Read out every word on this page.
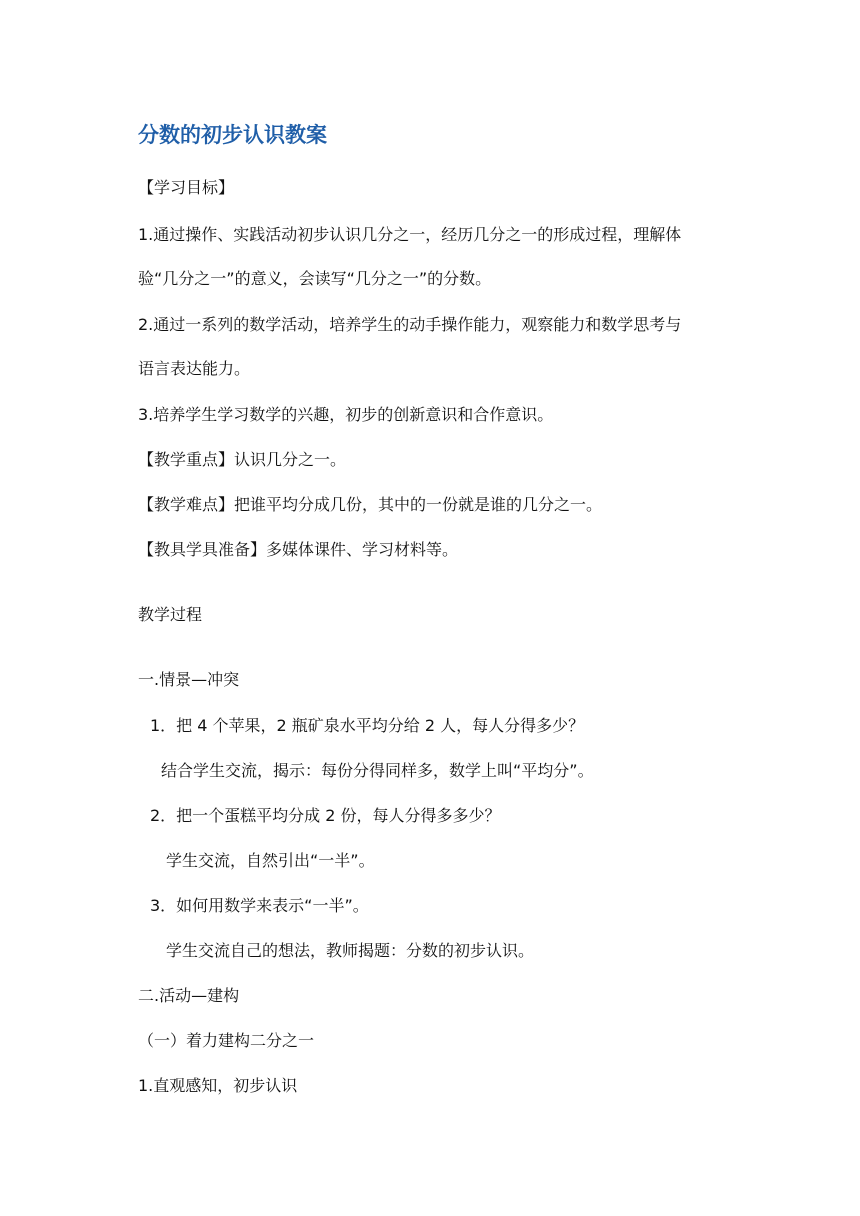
分数的初步认识教案
【学习目标】
1.通过操作、实践活动初步认识几分之一，经历几分之一的形成过程，理解体
验“几分之一”的意义，会读写“几分之一”的分数。
2.通过一系列的数学活动，培养学生的动手操作能力，观察能力和数学思考与
语言表达能力。
3.培养学生学习数学的兴趣，初步的创新意识和合作意识。
【教学重点】认识几分之一。
【教学难点】把谁平均分成几份，其中的一份就是谁的几分之一。
【教具学具准备】多媒体课件、学习材料等。
教学过程
一.情景—冲突
1．把 4 个苹果，2 瓶矿泉水平均分给 2 人，每人分得多少？
结合学生交流，揭示：每份分得同样多，数学上叫“平均分”。
2．把一个蛋糕平均分成 2 份，每人分得多多少？
学生交流，自然引出“一半”。
3．如何用数学来表示“一半”。
学生交流自己的想法，教师揭题：分数的初步认识。
二.活动—建构
（一）着力建构二分之一
1.直观感知，初步认识
